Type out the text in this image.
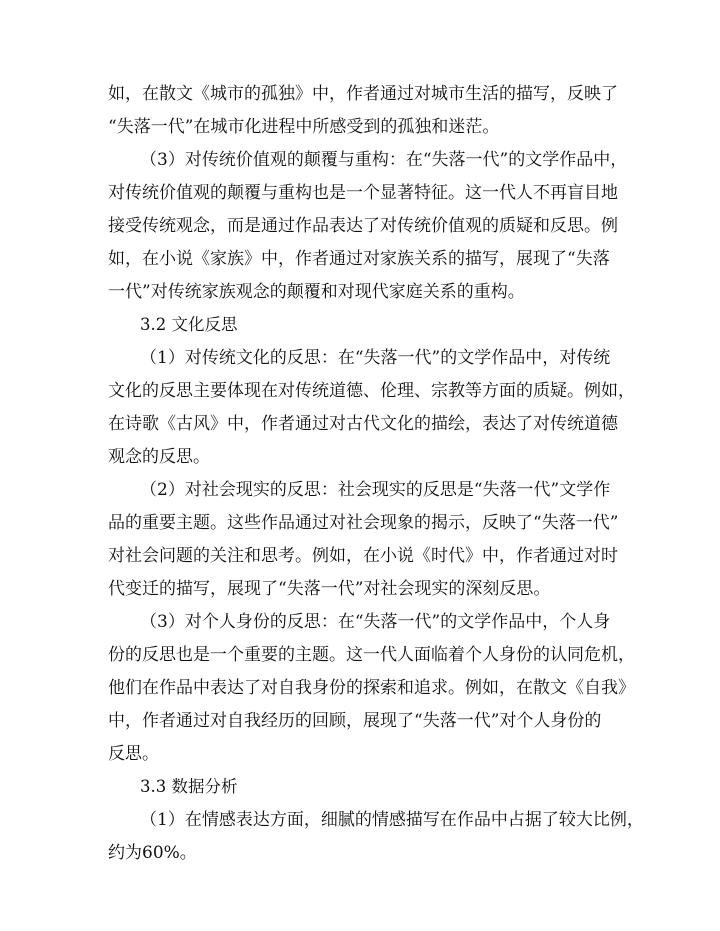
如，在散文《城市的孤独》中，作者通过对城市生活的描写，反映了
“失落一代”在城市化进程中所感受到的孤独和迷茫。
（3）对传统价值观的颠覆与重构：在“失落一代”的文学作品中，
对传统价值观的颠覆与重构也是一个显著特征。这一代人不再盲目地
接受传统观念，而是通过作品表达了对传统价值观的质疑和反思。例
如，在小说《家族》中，作者通过对家族关系的描写，展现了“失落
一代”对传统家族观念的颠覆和对现代家庭关系的重构。
3.2 文化反思
（1）对传统文化的反思：在“失落一代”的文学作品中，对传统
文化的反思主要体现在对传统道德、伦理、宗教等方面的质疑。例如，
在诗歌《古风》中，作者通过对古代文化的描绘，表达了对传统道德
观念的反思。
（2）对社会现实的反思：社会现实的反思是“失落一代”文学作
品的重要主题。这些作品通过对社会现象的揭示，反映了“失落一代”
对社会问题的关注和思考。例如，在小说《时代》中，作者通过对时
代变迁的描写，展现了“失落一代”对社会现实的深刻反思。
（3）对个人身份的反思：在“失落一代”的文学作品中，个人身
份的反思也是一个重要的主题。这一代人面临着个人身份的认同危机，
他们在作品中表达了对自我身份的探索和追求。例如，在散文《自我》
中，作者通过对自我经历的回顾，展现了“失落一代”对个人身份的
反思。
3.3 数据分析
（1）在情感表达方面，细腻的情感描写在作品中占据了较大比例，
约为60%。
